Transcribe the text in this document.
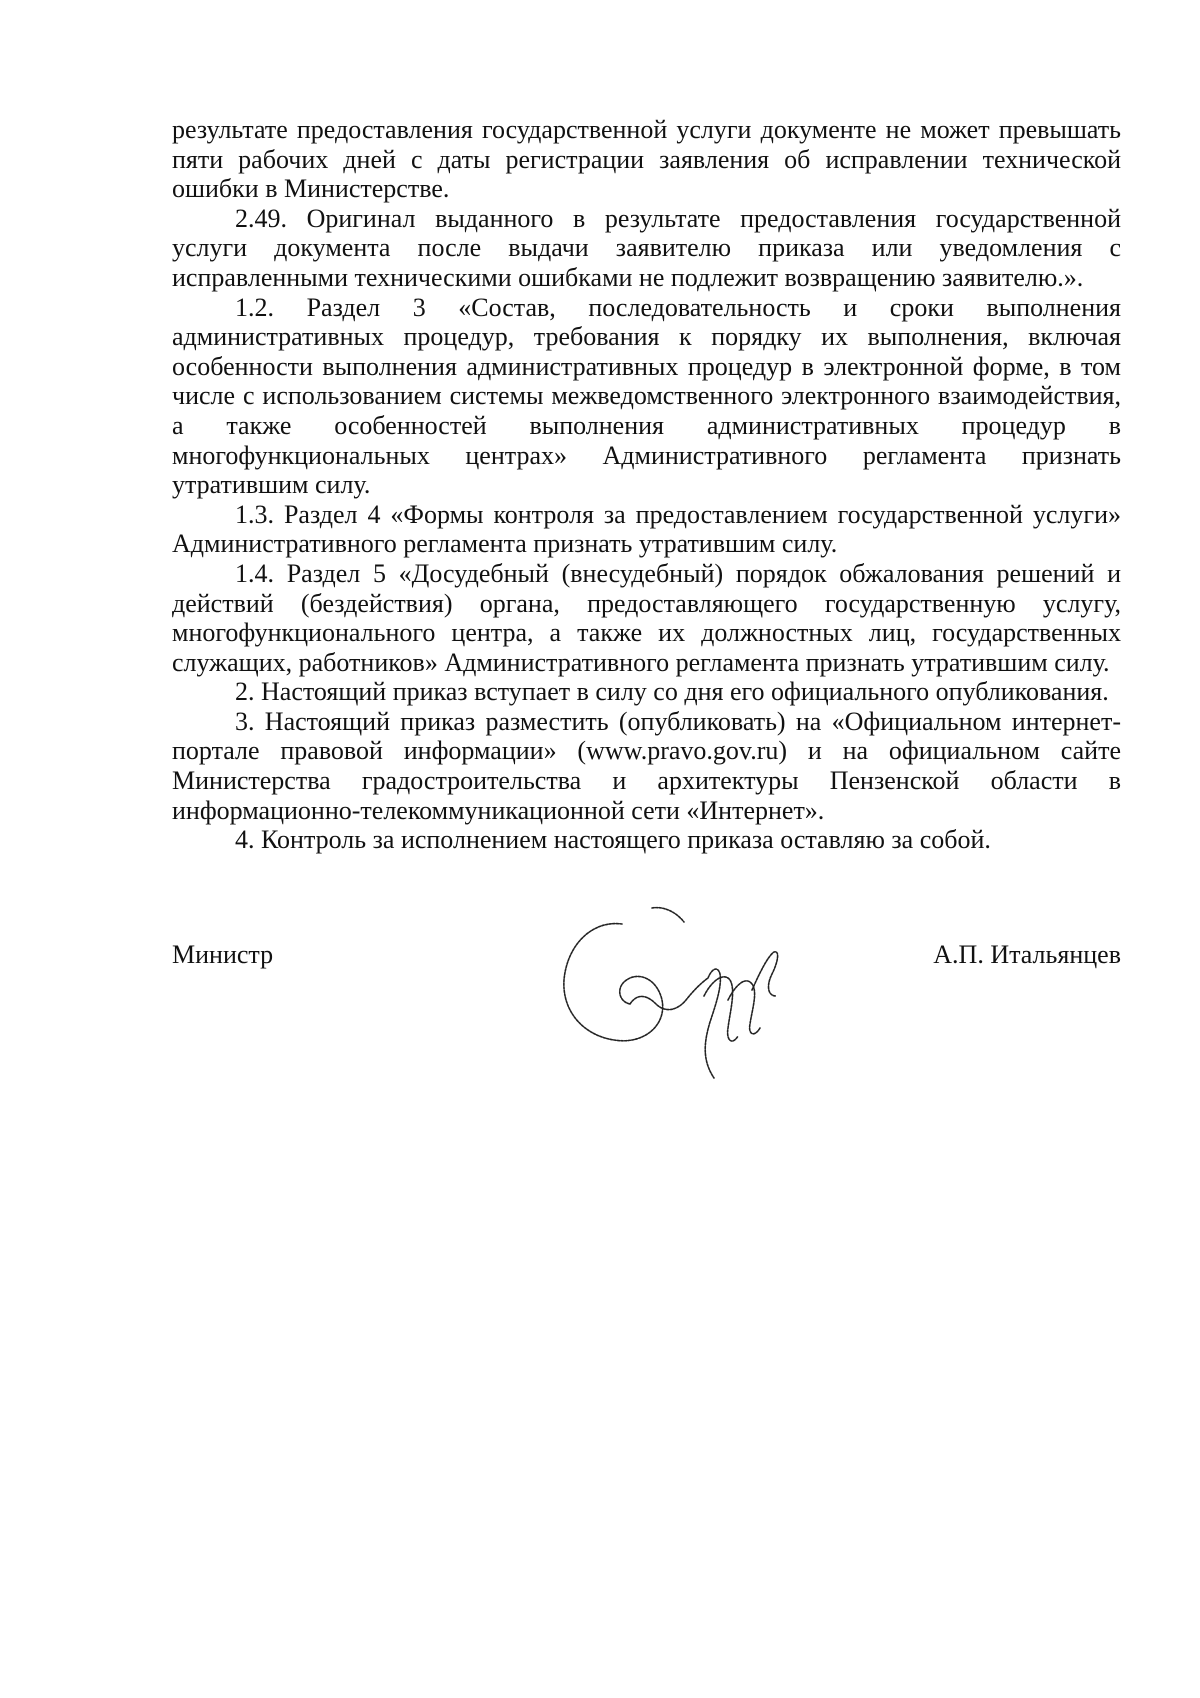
результате предоставления государственной услуги документе не может превышать пяти рабочих дней с даты регистрации заявления об исправлении технической ошибки в Министерстве.

2.49. Оригинал выданного в результате предоставления государственной услуги документа после выдачи заявителю приказа или уведомления с исправленными техническими ошибками не подлежит возвращению заявителю.».

1.2. Раздел 3 «Состав, последовательность и сроки выполнения административных процедур, требования к порядку их выполнения, включая особенности выполнения административных процедур в электронной форме, в том числе с использованием системы межведомственного электронного взаимодействия, а также особенностей выполнения административных процедур в многофункциональных центрах» Административного регламента признать утратившим силу.

1.3. Раздел 4 «Формы контроля за предоставлением государственной услуги» Административного регламента признать утратившим силу.

1.4. Раздел 5 «Досудебный (внесудебный) порядок обжалования решений и действий (бездействия) органа, предоставляющего государственную услугу, многофункционального центра, а также их должностных лиц, государственных служащих, работников» Административного регламента признать утратившим силу.

2. Настоящий приказ вступает в силу со дня его официального опубликования.

3. Настоящий приказ разместить (опубликовать) на «Официальном интернет-портале правовой информации» (www.pravo.gov.ru) и на официальном сайте Министерства градостроительства и архитектуры Пензенской области в информационно-телекоммуникационной сети «Интернет».

4. Контроль за исполнением настоящего приказа оставляю за собой.

Министр	А.П. Итальянцев
